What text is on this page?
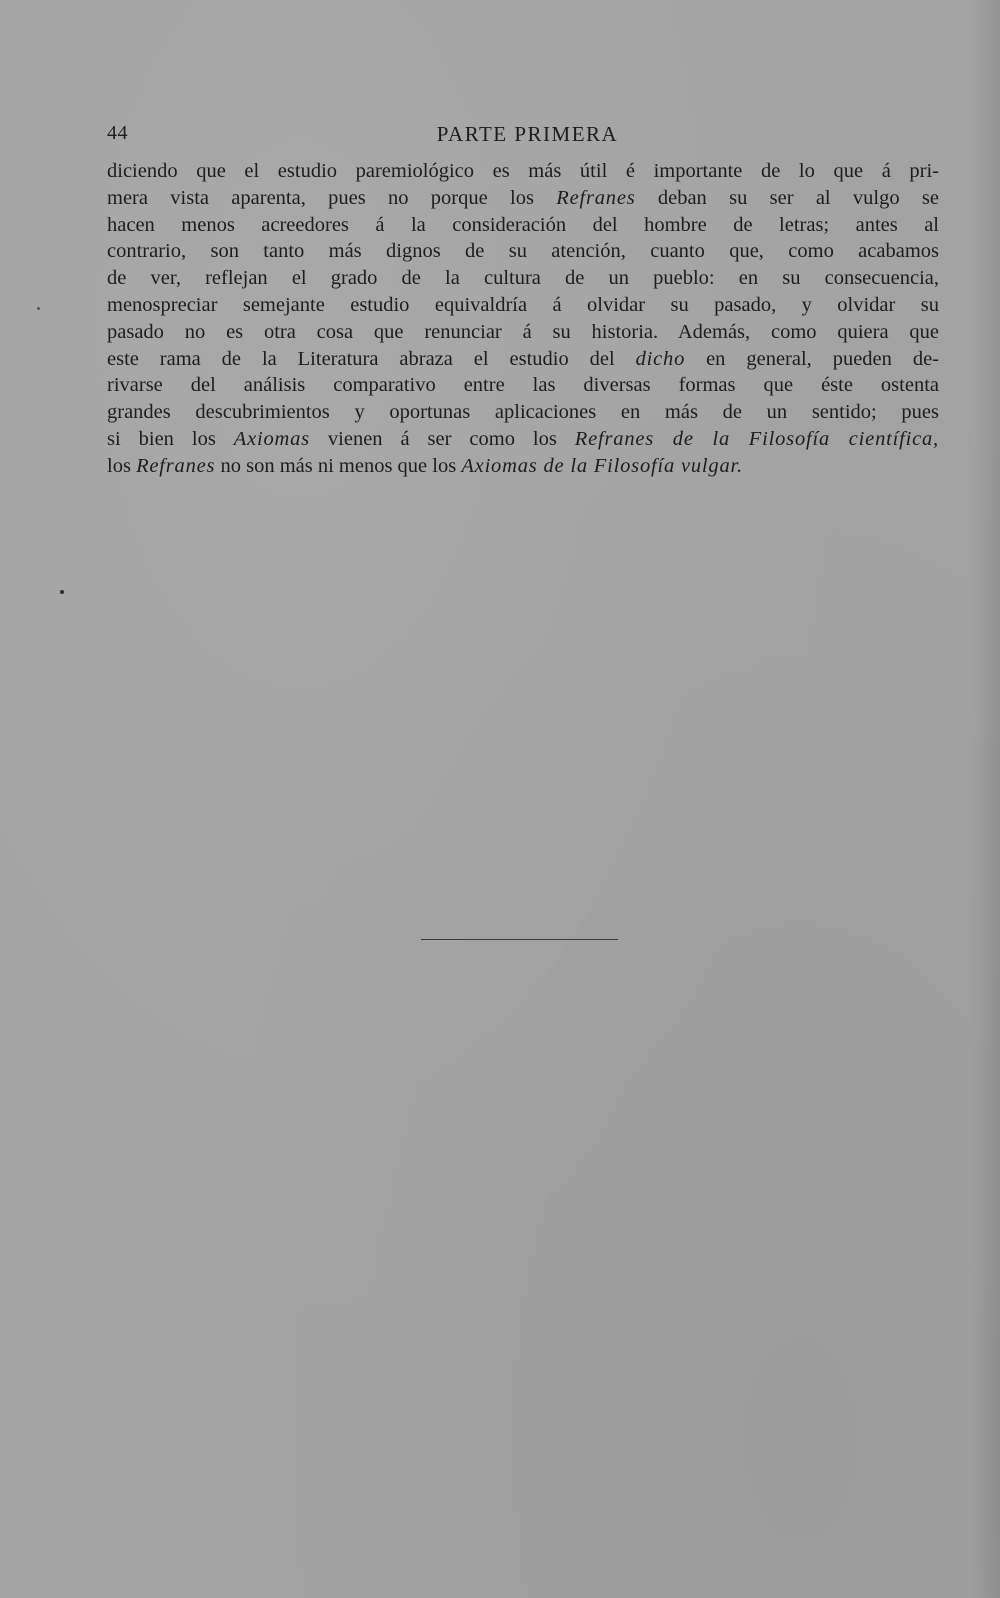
44	PARTE PRIMERA
diciendo que el estudio paremiológico es más útil é importante de lo que á pri-
mera vista aparenta, pues no porque los Refranes deban su ser al vulgo se
hacen menos acreedores á la consideración del hombre de letras; antes al
contrario, son tanto más dignos de su atención, cuanto que, como acabamos
de ver, reflejan el grado de la cultura de un pueblo: en su consecuencia,
menospreciar semejante estudio equivaldría á olvidar su pasado, y olvidar su
pasado no es otra cosa que renunciar á su historia. Además, como quiera que
este rama de la Literatura abraza el estudio del dicho en general, pueden de-
rivarse del análisis comparativo entre las diversas formas que éste ostenta
grandes descubrimientos y oportunas aplicaciones en más de un sentido; pues
si bien los Axiomas vienen á ser como los Refranes de la Filosofía científica,
los Refranes no son más ni menos que los Axiomas de la Filosofía vulgar.
